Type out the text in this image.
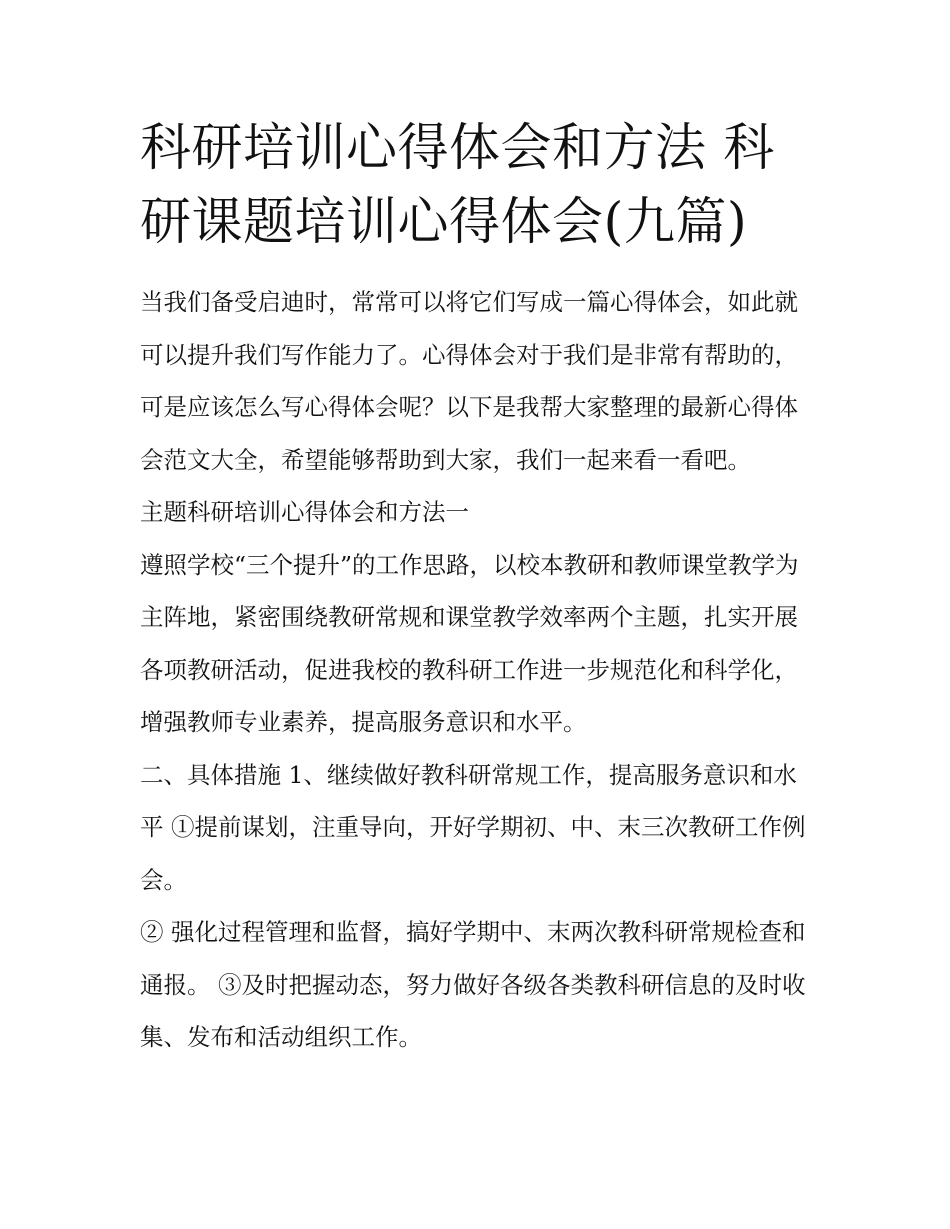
科研培训心得体会和方法 科研课题培训心得体会(九篇)

当我们备受启迪时，常常可以将它们写成一篇心得体会，如此就可以提升我们写作能力了。心得体会对于我们是非常有帮助的，可是应该怎么写心得体会呢？以下是我帮大家整理的最新心得体会范文大全，希望能够帮助到大家，我们一起来看一看吧。

主题科研培训心得体会和方法一

遵照学校“三个提升”的工作思路，以校本教研和教师课堂教学为主阵地，紧密围绕教研常规和课堂教学效率两个主题，扎实开展各项教研活动，促进我校的教科研工作进一步规范化和科学化，增强教师专业素养，提高服务意识和水平。

二、具体措施 1、继续做好教科研常规工作，提高服务意识和水平 ①提前谋划，注重导向，开好学期初、中、末三次教研工作例会。

② 强化过程管理和监督，搞好学期中、末两次教科研常规检查和通报。 ③及时把握动态，努力做好各级各类教科研信息的及时收集、发布和活动组织工作。
